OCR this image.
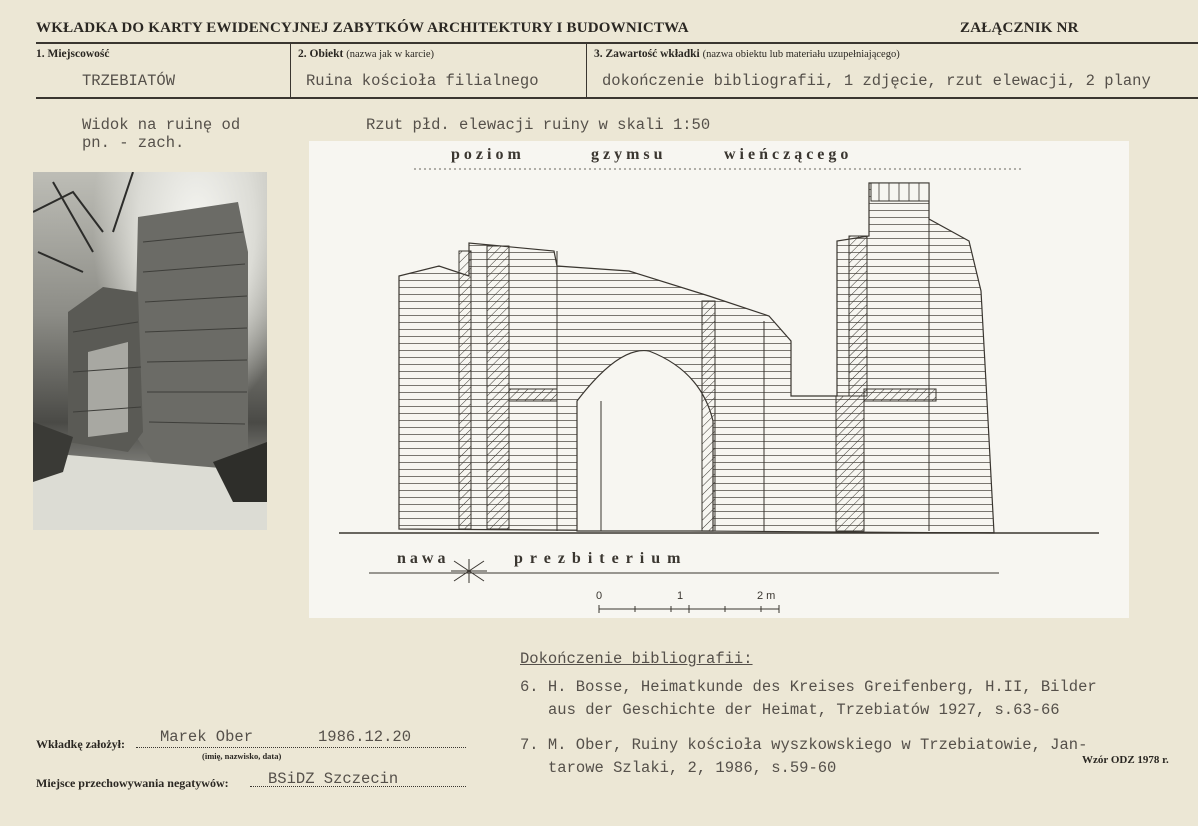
WKŁADKA DO KARTY EWIDENCYJNEJ ZABYTKÓW ARCHITEKTURY I BUDOWNICTWA	ZAŁĄCZNIK NR
1. Miejscowość	2. Obiekt (nazwa jak w karcie)	3. Zawartość wkładki (nazwa obiektu lub materiału uzupełniającego)
TRZEBIATÓW	Ruina kościoła filialnego	dokończenie bibliografii, 1 zdjęcie, rzut elewacji, 2 plany
Widok na ruinę od
pn. - zach.
Rzut płd. elewacji ruiny w skali 1:50
poziom	gzymsu	wieńczącego
nawa	prezbiterium
0	1	2 m
Dokończenie bibliografii:
6. H. Bosse, Heimatkunde des Kreises Greifenberg, H.II, Bilder
aus der Geschichte der Heimat, Trzebiatów 1927, s.63-66
7. M. Ober, Ruiny kościoła wyszkowskiego w Trzebiatowie, Jan-
tarowe Szlaki, 2, 1986, s.59-60
Wkładkę założył: Marek Ober	1986.12.20
(imię, nazwisko, data)
Miejsce przechowywania negatywów:	BSiDZ Szczecin
Wzór ODZ 1978 r.
